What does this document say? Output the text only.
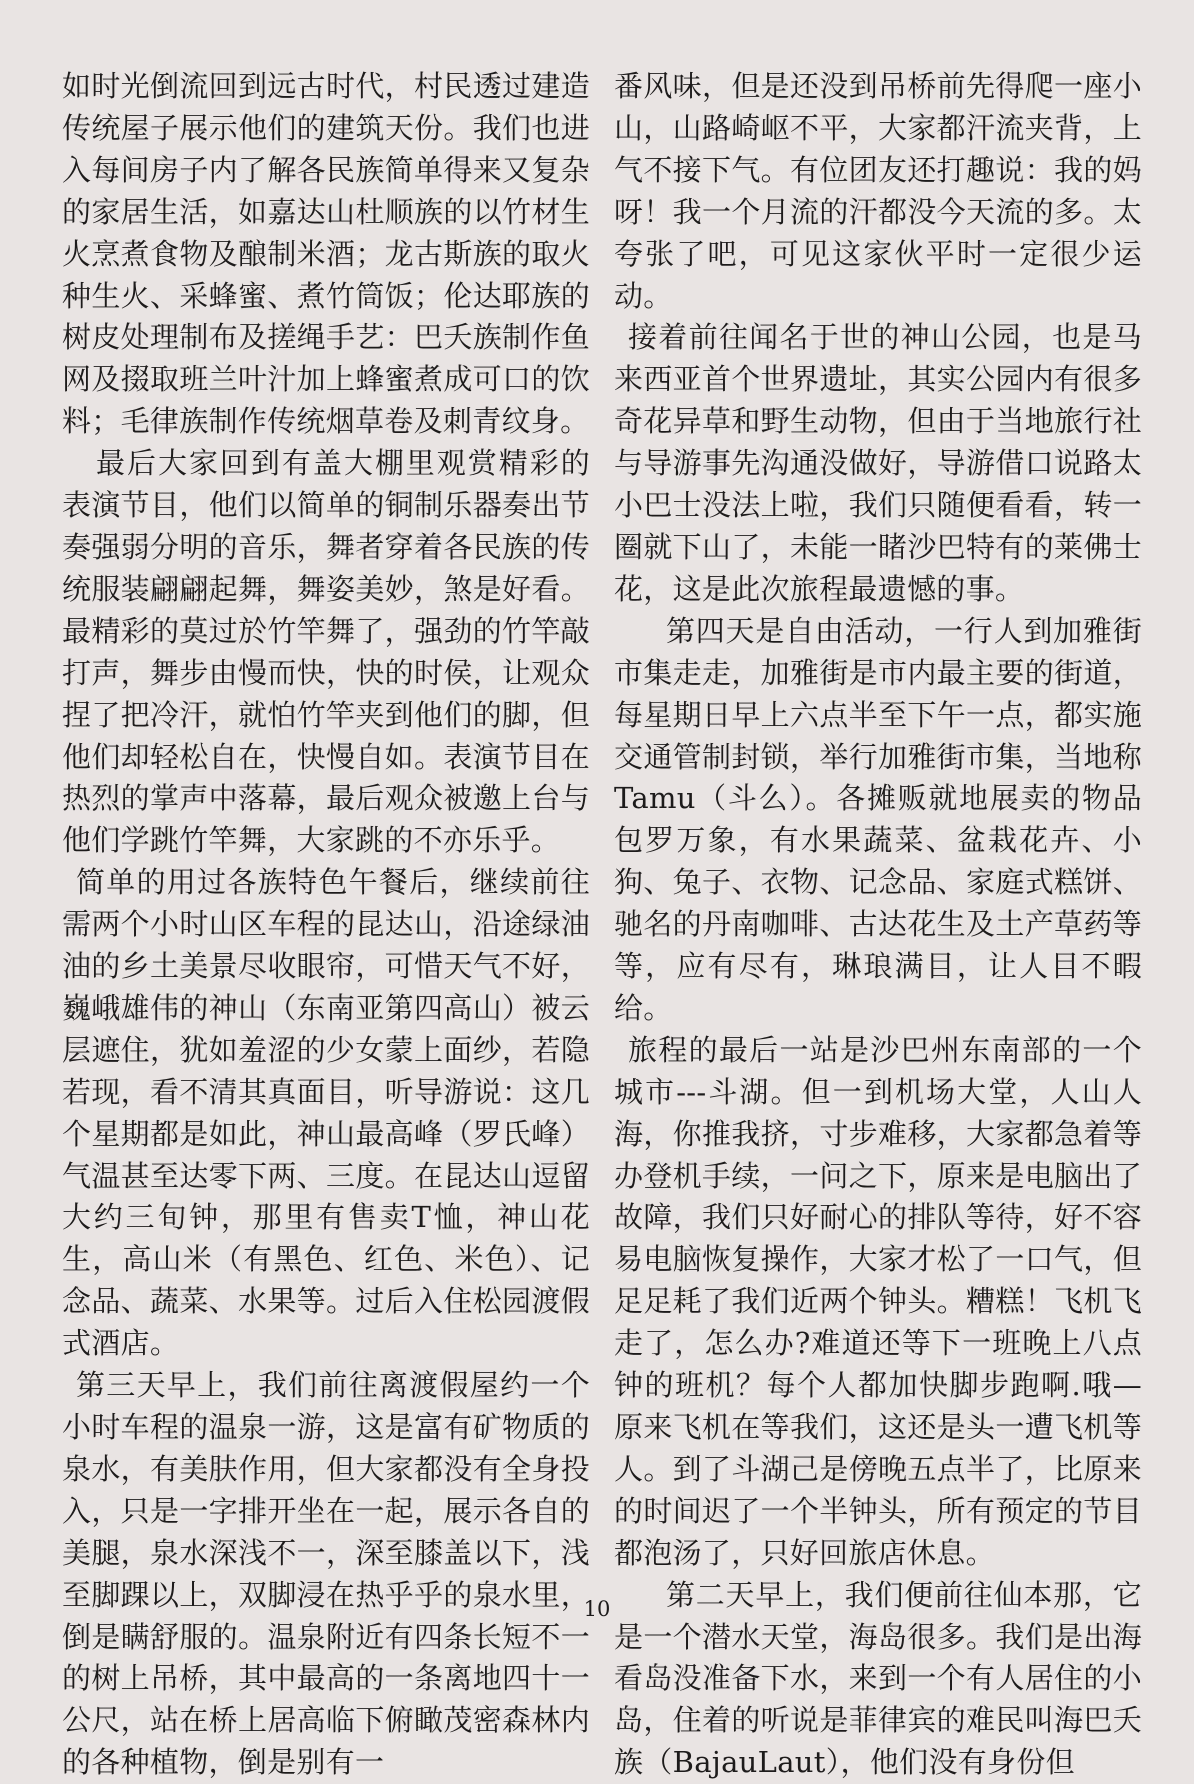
如时光倒流回到远古时代，村民透过建造传统屋子展示他们的建筑天份。我们也进入每间房子内了解各民族简单得来又复杂的家居生活，如嘉达山杜顺族的以竹材生火烹煮食物及酿制米酒；龙古斯族的取火种生火、采蜂蜜、煮竹筒饭；伦达耶族的树皮处理制布及搓绳手艺：巴夭族制作鱼网及掇取班兰叶汁加上蜂蜜煮成可口的饮料；毛律族制作传统烟草卷及刺青纹身。

最后大家回到有盖大棚里观赏精彩的表演节目，他们以简单的铜制乐器奏出节奏强弱分明的音乐，舞者穿着各民族的传统服装翩翩起舞，舞姿美妙，煞是好看。最精彩的莫过於竹竿舞了，强劲的竹竿敲打声，舞步由慢而快，快的时侯，让观众捏了把冷汗，就怕竹竿夹到他们的脚，但他们却轻松自在，快慢自如。表演节目在热烈的掌声中落幕，最后观众被邀上台与他们学跳竹竿舞，大家跳的不亦乐乎。

简单的用过各族特色午餐后，继续前往需两个小时山区车程的昆达山，沿途绿油油的乡土美景尽收眼帘，可惜天气不好，巍峨雄伟的神山（东南亚第四高山）被云层遮住，犹如羞涩的少女蒙上面纱，若隐若现，看不清其真面目，听导游说：这几个星期都是如此，神山最高峰（罗氏峰）气温甚至达零下两、三度。在昆达山逗留大约三旬钟，那里有售卖T恤，神山花生，高山米（有黑色、红色、米色）、记念品、蔬菜、水果等。过后入住松园渡假式酒店。

第三天早上，我们前往离渡假屋约一个小时车程的温泉一游，这是富有矿物质的泉水，有美肤作用，但大家都没有全身投入，只是一字排开坐在一起，展示各自的美腿，泉水深浅不一，深至膝盖以下，浅至脚踝以上，双脚浸在热乎乎的泉水里，倒是瞒舒服的。温泉附近有四条长短不一的树上吊桥，其中最高的一条离地四十一公尺，站在桥上居高临下俯瞰茂密森林内的各种植物，倒是别有一

番风味，但是还没到吊桥前先得爬一座小山，山路崎岖不平，大家都汗流夹背，上气不接下气。有位团友还打趣说：我的妈呀！我一个月流的汗都没今天流的多。太夸张了吧，可见这家伙平时一定很少运动。

接着前往闻名于世的神山公园，也是马来西亚首个世界遗址，其实公园内有很多奇花异草和野生动物，但由于当地旅行社与导游事先沟通没做好，导游借口说路太小巴士没法上啦，我们只随便看看，转一圈就下山了，未能一睹沙巴特有的莱佛士花，这是此次旅程最遗憾的事。

第四天是自由活动，一行人到加雅街市集走走，加雅街是市内最主要的街道，每星期日早上六点半至下午一点，都实施交通管制封锁，举行加雅街市集，当地称Tamu（斗么）。各摊贩就地展卖的物品包罗万象，有水果蔬菜、盆栽花卉、小狗、兔子、衣物、记念品、家庭式糕饼、驰名的丹南咖啡、古达花生及土产草药等等，应有尽有，琳琅满目，让人目不暇给。

旅程的最后一站是沙巴州东南部的一个城市---斗湖。但一到机场大堂，人山人海，你推我挤，寸步难移，大家都急着等办登机手续，一问之下，原来是电脑出了故障，我们只好耐心的排队等待，好不容易电脑恢复操作，大家才松了一口气，但足足耗了我们近两个钟头。糟糕！飞机飞走了，怎么办?难道还等下一班晚上八点钟的班机？每个人都加快脚步跑啊.哦—原来飞机在等我们，这还是头一遭飞机等人。到了斗湖己是傍晚五点半了，比原来的时间迟了一个半钟头，所有预定的节目都泡汤了，只好回旅店休息。

第二天早上，我们便前往仙本那，它是一个潜水天堂，海岛很多。我们是出海看岛没准备下水，来到一个有人居住的小岛，住着的听说是菲律宾的难民叫海巴夭族（BajauLaut），他们没有身份但

10
